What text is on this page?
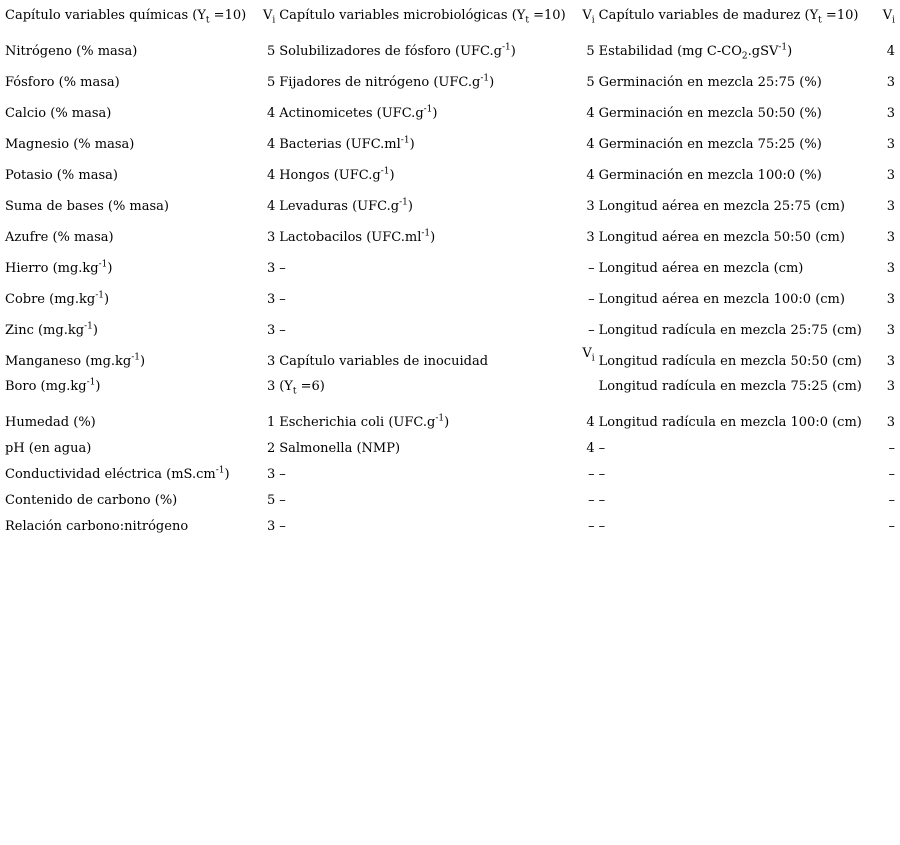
Capítulo variables químicas $(Y_t =10)$	$V_i$	Capítulo variables microbiológicas $(Y_t =10)$	$V_i$	Capítulo variables de madurez $(Y_t =10)$	$V_i$
Nitrógeno (% masa)	5	Solubilizadores de fósforo $(UFC.g^{-1})$	5	Estabilidad (mg $C-CO_2.gSV^{-1}$)	4
Fósforo (% masa)	5	Fijadores de nitrógeno $(UFC.g^{-1})$	5	Germinación en mezcla 25:75 (%)	3
Calcio (% masa)	4	Actinomicetes $(UFC.g^{-1})$	4	Germinación en mezcla 50:50 (%)	3
Magnesio (% masa)	4	Bacterias $(UFC.ml^{-1})$	4	Germinación en mezcla 75:25 (%)	3
Potasio (% masa)	4	Hongos $(UFC.g^{-1})$	4	Germinación en mezcla 100:0 (%)	3
Suma de bases (% masa)	4	Levaduras $(UFC.g^{-1})$	3	Longitud aérea en mezcla 25:75 (cm)	3
Azufre (% masa)	3	Lactobacilos $(UFC.ml^{-1})$	3	Longitud aérea en mezcla 50:50 (cm)	3
Hierro $(mg.kg^{-1})$	3	–	–	Longitud aérea en mezcla (cm)	3
Cobre $(mg.kg^{-1})$	3	–	–	Longitud aérea en mezcla 100:0 (cm)	3
Zinc $(mg.kg^{-1})$	3	–	–	Longitud radícula en mezcla 25:75 (cm)	3
Manganeso $(mg.kg^{-1})$	3	Capítulo variables de inocuidad	$V_i$	Longitud radícula en mezcla 50:50 (cm)	3
Boro $(mg.kg^{-1})$	3	$(Y_t =6)$		Longitud radícula en mezcla 75:25 (cm)	3
Humedad (%)	1	Escherichia coli $(UFC.g^{-1})$	4	Longitud radícula en mezcla 100:0 (cm)	3
pH (en agua)	2	Salmonella (NMP)	4	–	–
Conductividad eléctrica $(mS.cm^{-1})$	3	–	–	–	–
Contenido de carbono (%)	5	–	–	–	–
Relación carbono:nitrógeno	3	–	–	–	–
